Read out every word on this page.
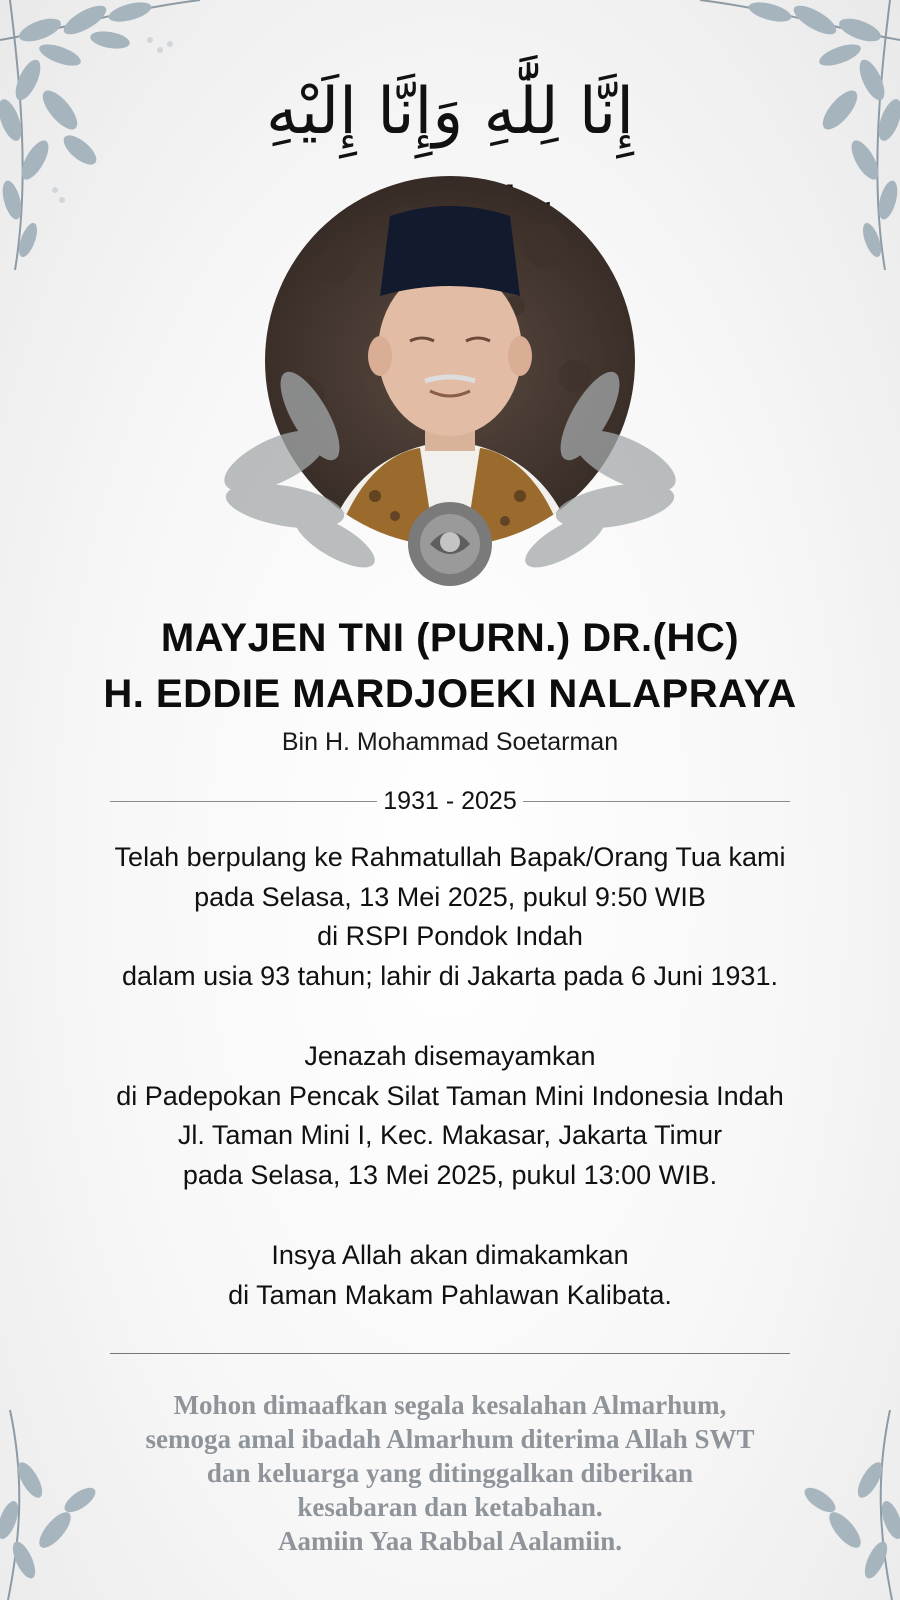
إِنَّا لِلَّٰهِ وَإِنَّا إِلَيْهِ
MAYJEN TNI (PURN.) DR.(HC)
H. EDDIE MARDJOEKI NALAPRAYA
Bin H. Mohammad Soetarman
1931 - 2025
Telah berpulang ke Rahmatullah Bapak/Orang Tua kami
pada Selasa, 13 Mei 2025, pukul 9:50 WIB
di RSPI Pondok Indah
dalam usia 93 tahun; lahir di Jakarta pada 6 Juni 1931.
Jenazah disemayamkan
di Padepokan Pencak Silat Taman Mini Indonesia Indah
Jl. Taman Mini I, Kec. Makasar, Jakarta Timur
pada Selasa, 13 Mei 2025, pukul 13:00 WIB.
Insya Allah akan dimakamkan
di Taman Makam Pahlawan Kalibata.
Mohon dimaafkan segala kesalahan Almarhum,
semoga amal ibadah Almarhum diterima Allah SWT
dan keluarga yang ditinggalkan diberikan
kesabaran dan ketabahan.
Aamiin Yaa Rabbal Aalamiin.
